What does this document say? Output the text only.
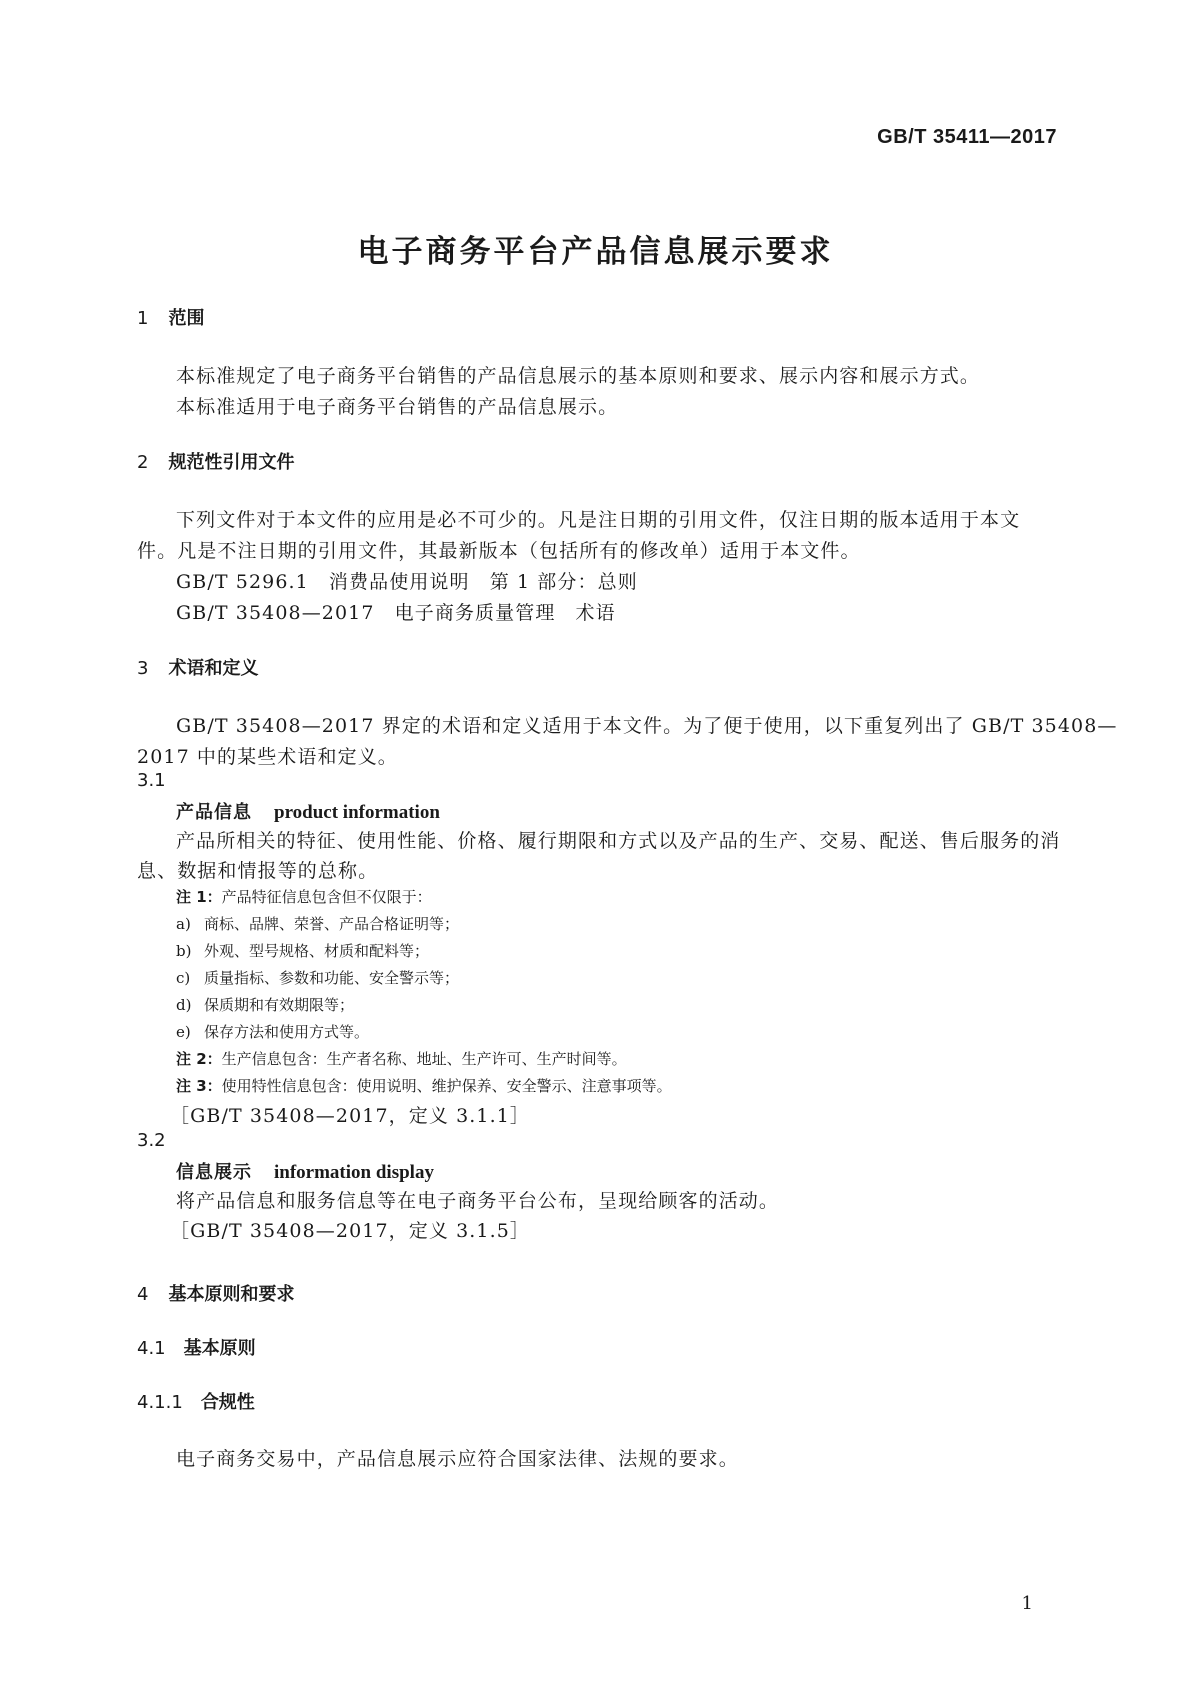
GB/T 35411—2017
电子商务平台产品信息展示要求
1 范围
本标准规定了电子商务平台销售的产品信息展示的基本原则和要求、展示内容和展示方式。
本标准适用于电子商务平台销售的产品信息展示。
2 规范性引用文件
下列文件对于本文件的应用是必不可少的。凡是注日期的引用文件，仅注日期的版本适用于本文
件。凡是不注日期的引用文件，其最新版本（包括所有的修改单）适用于本文件。
GB/T 5296.1　消费品使用说明　第 1 部分：总则
GB/T 35408—2017　电子商务质量管理　术语
3 术语和定义
GB/T 35408—2017 界定的术语和定义适用于本文件。为了便于使用，以下重复列出了 GB/T 35408—
2017 中的某些术语和定义。
3.1
产品信息 product information
产品所相关的特征、使用性能、价格、履行期限和方式以及产品的生产、交易、配送、售后服务的消
息、数据和情报等的总称。
注 1：产品特征信息包含但不仅限于：
a) 商标、品牌、荣誉、产品合格证明等；
b) 外观、型号规格、材质和配料等；
c) 质量指标、参数和功能、安全警示等；
d) 保质期和有效期限等；
e) 保存方法和使用方式等。
注 2：生产信息包含：生产者名称、地址、生产许可、生产时间等。
注 3：使用特性信息包含：使用说明、维护保养、安全警示、注意事项等。
［GB/T 35408—2017，定义 3.1.1］
3.2
信息展示 information display
将产品信息和服务信息等在电子商务平台公布，呈现给顾客的活动。
［GB/T 35408—2017，定义 3.1.5］
4 基本原则和要求
4.1 基本原则
4.1.1 合规性
电子商务交易中，产品信息展示应符合国家法律、法规的要求。
1
